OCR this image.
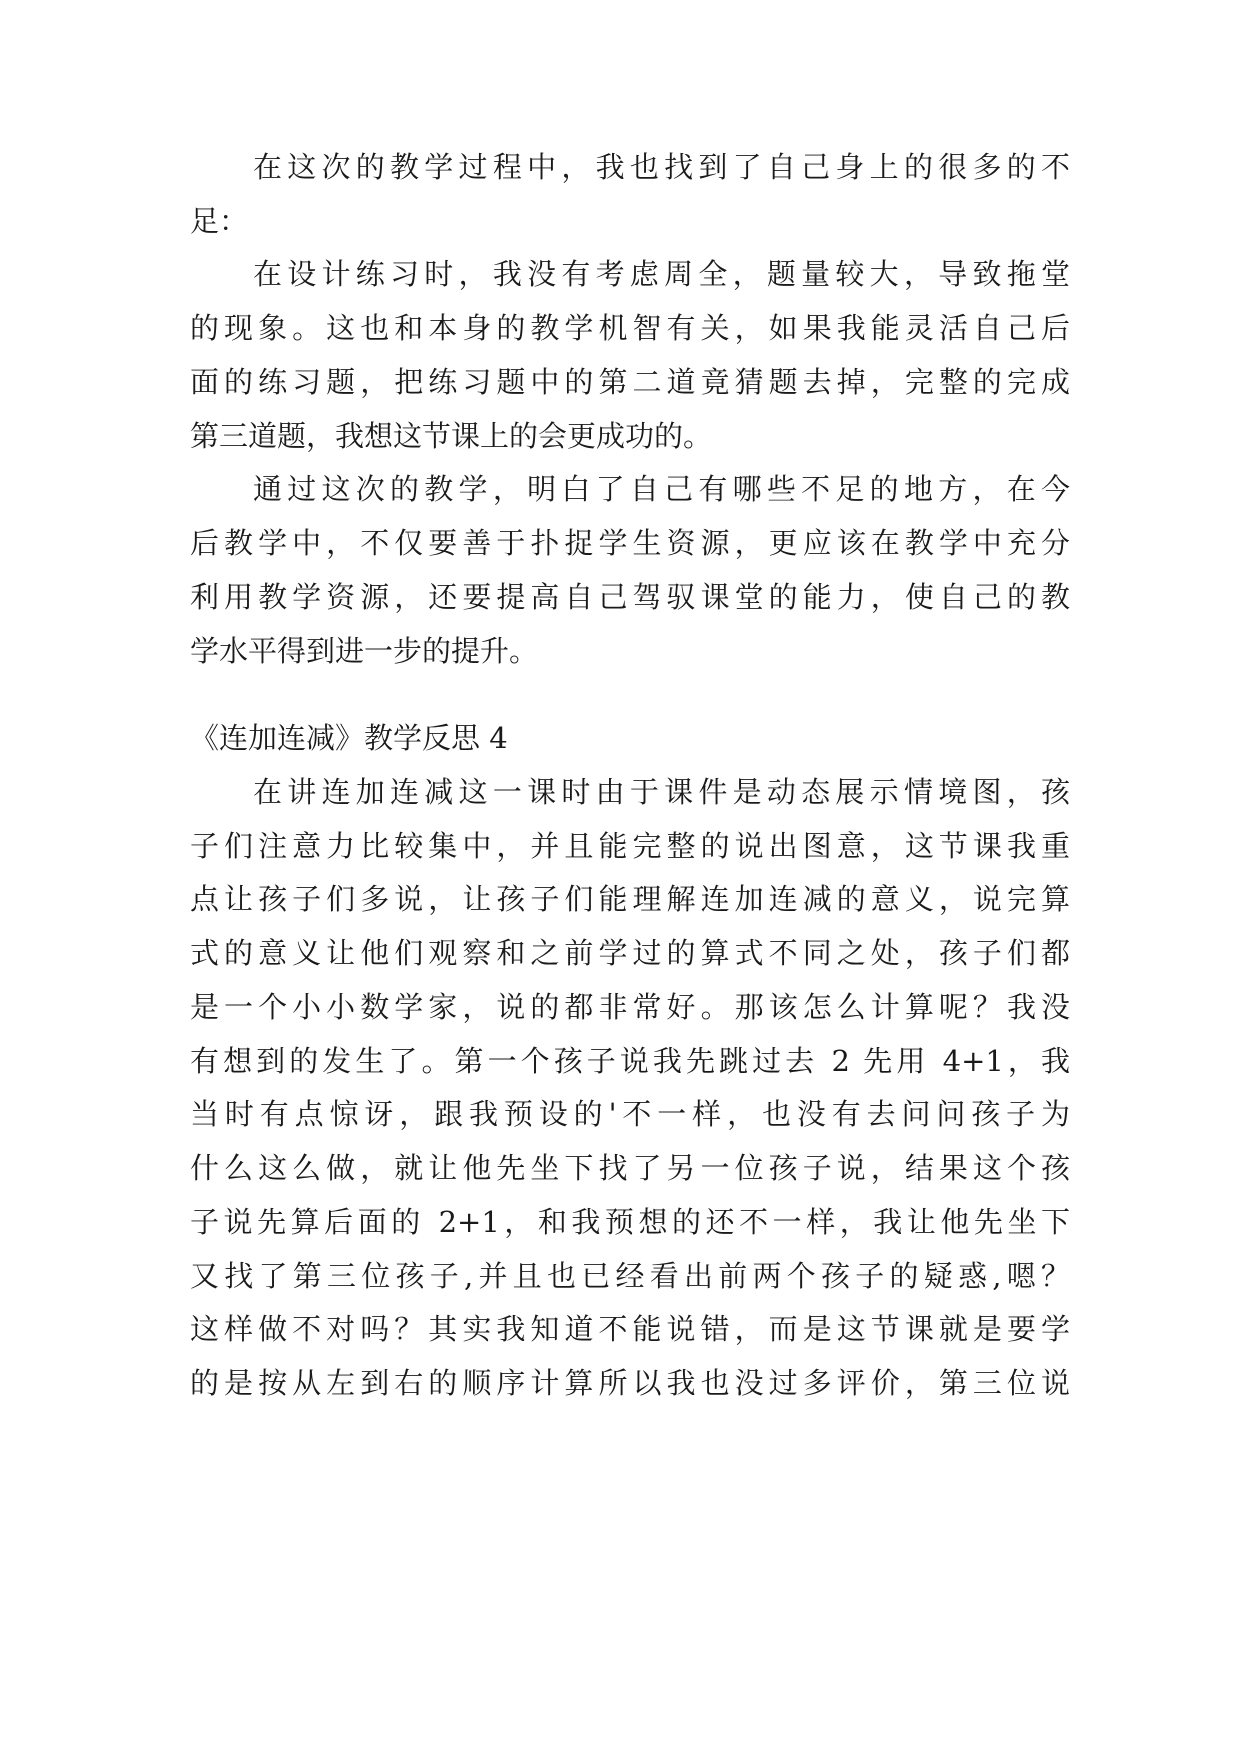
在这次的教学过程中，我也找到了自己身上的很多的不

足：

在设计练习时，我没有考虑周全，题量较大，导致拖堂

的现象。这也和本身的教学机智有关，如果我能灵活自己后

面的练习题，把练习题中的第二道竟猜题去掉，完整的完成

第三道题，我想这节课上的会更成功的。

通过这次的教学，明白了自己有哪些不足的地方，在今

后教学中，不仅要善于扑捉学生资源，更应该在教学中充分

利用教学资源，还要提高自己驾驭课堂的能力，使自己的教

学水平得到进一步的提升。

《连加连减》教学反思 4

在讲连加连减这一课时由于课件是动态展示情境图，孩

子们注意力比较集中，并且能完整的说出图意，这节课我重

点让孩子们多说，让孩子们能理解连加连减的意义，说完算

式的意义让他们观察和之前学过的算式不同之处，孩子们都

是一个小小数学家，说的都非常好。那该怎么计算呢？我没

有想到的发生了。第一个孩子说我先跳过去 2 先用 4+1，我

当时有点惊讶，跟我预设的'不一样，也没有去问问孩子为

什么这么做，就让他先坐下找了另一位孩子说，结果这个孩

子说先算后面的 2+1，和我预想的还不一样，我让他先坐下

又找了第三位孩子,并且也已经看出前两个孩子的疑惑,嗯？

这样做不对吗？其实我知道不能说错，而是这节课就是要学

的是按从左到右的顺序计算所以我也没过多评价，第三位说
